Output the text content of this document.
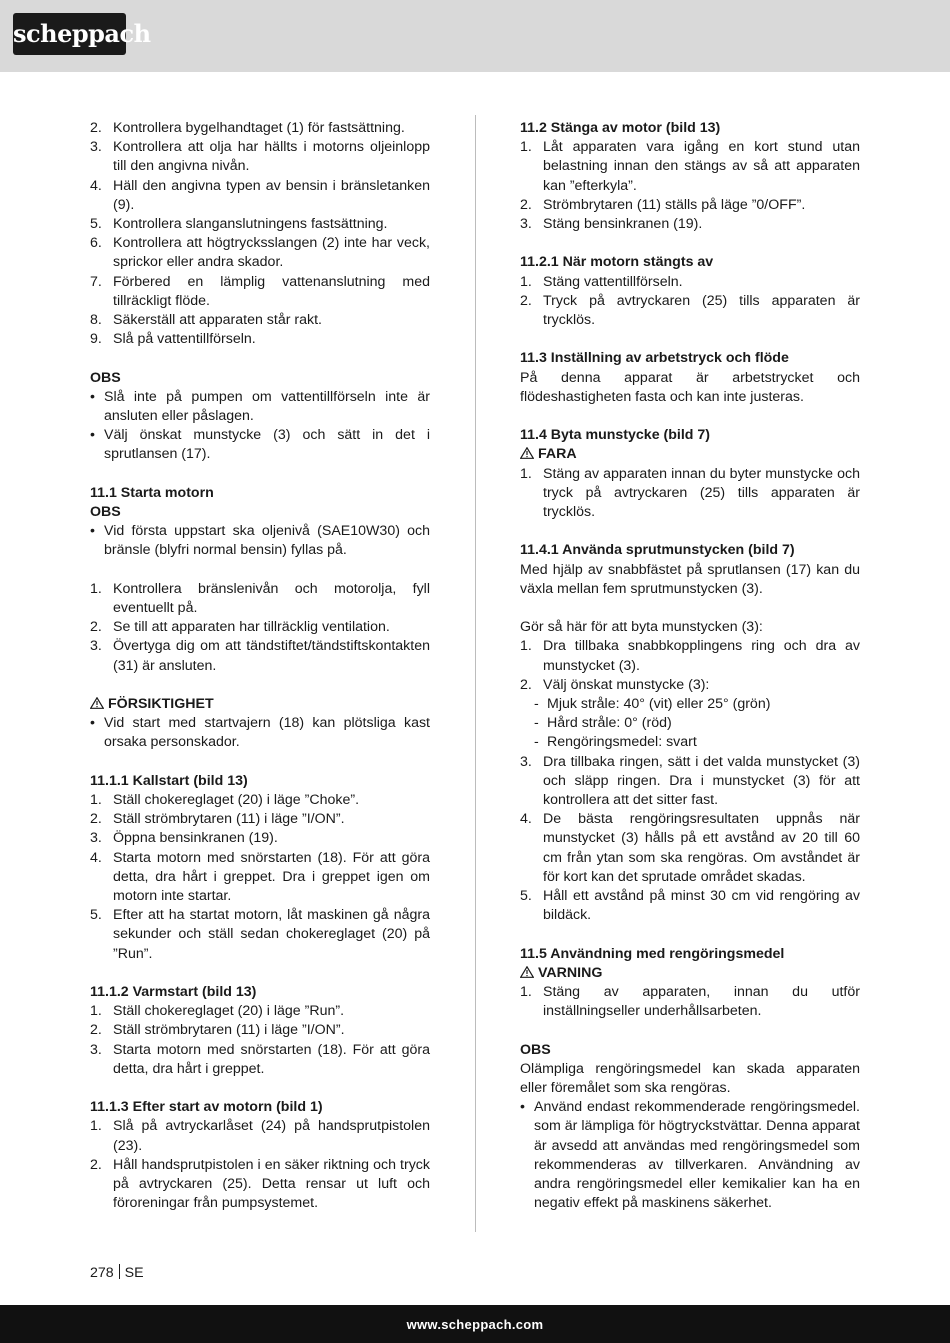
scheppach
2. Kontrollera bygelhandtaget (1) för fastsättning.
3. Kontrollera att olja har hällts i motorns oljeinlopp till den angivna nivån.
4. Häll den angivna typen av bensin i bränsletanken (9).
5. Kontrollera slanganslutningens fastsättning.
6. Kontrollera att högtrycksslangen (2) inte har veck, sprickor eller andra skador.
7. Förbered en lämplig vattenanslutning med tillräckligt flöde.
8. Säkerställ att apparaten står rakt.
9. Slå på vattentillförseln.
OBS
• Slå inte på pumpen om vattentillförseln inte är ansluten eller påslagen.
• Välj önskat munstycke (3) och sätt in det i sprutlansen (17).
11.1 Starta motorn
OBS
• Vid första uppstart ska oljenivå (SAE10W30) och bränsle (blyfri normal bensin) fyllas på.
1. Kontrollera bränslenivån och motorolja, fyll eventuellt på.
2. Se till att apparaten har tillräcklig ventilation.
3. Övertyga dig om att tändstiftet/tändstiftskontakten (31) är ansluten.
FÖRSIKTIGHET
• Vid start med startvajern (18) kan plötsliga kast orsaka personskador.
11.1.1 Kallstart (bild 13)
1. Ställ chokereglaget (20) i läge ”Choke”.
2. Ställ strömbrytaren (11) i läge ”I/ON”.
3. Öppna bensinkranen (19).
4. Starta motorn med snörstarten (18). För att göra detta, dra hårt i greppet. Dra i greppet igen om motorn inte startar.
5. Efter att ha startat motorn, låt maskinen gå några sekunder och ställ sedan chokereglaget (20) på ”Run”.
11.1.2 Varmstart (bild 13)
1. Ställ chokereglaget (20) i läge ”Run”.
2. Ställ strömbrytaren (11) i läge ”I/ON”.
3. Starta motorn med snörstarten (18). För att göra detta, dra hårt i greppet.
11.1.3 Efter start av motorn (bild 1)
1. Slå på avtryckarlåset (24) på handsprutpistolen (23).
2. Håll handsprutpistolen i en säker riktning och tryck på avtryckaren (25). Detta rensar ut luft och föroreningar från pumpsystemet.
11.2 Stänga av motor (bild 13)
1. Låt apparaten vara igång en kort stund utan belastning innan den stängs av så att apparaten kan ”efterkyla”.
2. Strömbrytaren (11) ställs på läge ”0/OFF”.
3. Stäng bensinkranen (19).
11.2.1 När motorn stängts av
1. Stäng vattentillförseln.
2. Tryck på avtryckaren (25) tills apparaten är trycklös.
11.3 Inställning av arbetstryck och flöde
På denna apparat är arbetstrycket och flödeshastigheten fasta och kan inte justeras.
11.4 Byta munstycke (bild 7)
FARA
1. Stäng av apparaten innan du byter munstycke och tryck på avtryckaren (25) tills apparaten är trycklös.
11.4.1 Använda sprutmunstycken (bild 7)
Med hjälp av snabbfästet på sprutlansen (17) kan du växla mellan fem sprutmunstycken (3).
Gör så här för att byta munstycken (3):
1. Dra tillbaka snabbkopplingens ring och dra av munstycket (3).
2. Välj önskat munstycke (3):
- Mjuk stråle: 40° (vit) eller 25° (grön)
- Hård stråle: 0° (röd)
- Rengöringsmedel: svart
3. Dra tillbaka ringen, sätt i det valda munstycket (3) och släpp ringen. Dra i munstycket (3) för att kontrollera att det sitter fast.
4. De bästa rengöringsresultaten uppnås när munstycket (3) hålls på ett avstånd av 20 till 60 cm från ytan som ska rengöras. Om avståndet är för kort kan det sprutade området skadas.
5. Håll ett avstånd på minst 30 cm vid rengöring av bildäck.
11.5 Användning med rengöringsmedel
VARNING
1. Stäng av apparaten, innan du utför inställningseller underhållsarbeten.
OBS
Olämpliga rengöringsmedel kan skada apparaten eller föremålet som ska rengöras.
• Använd endast rekommenderade rengöringsmedel. som är lämpliga för högtryckstvättar. Denna apparat är avsedd att användas med rengöringsmedel som rekommenderas av tillverkaren. Användning av andra rengöringsmedel eller kemikalier kan ha en negativ effekt på maskinens säkerhet.
278 SE
www.scheppach.com
